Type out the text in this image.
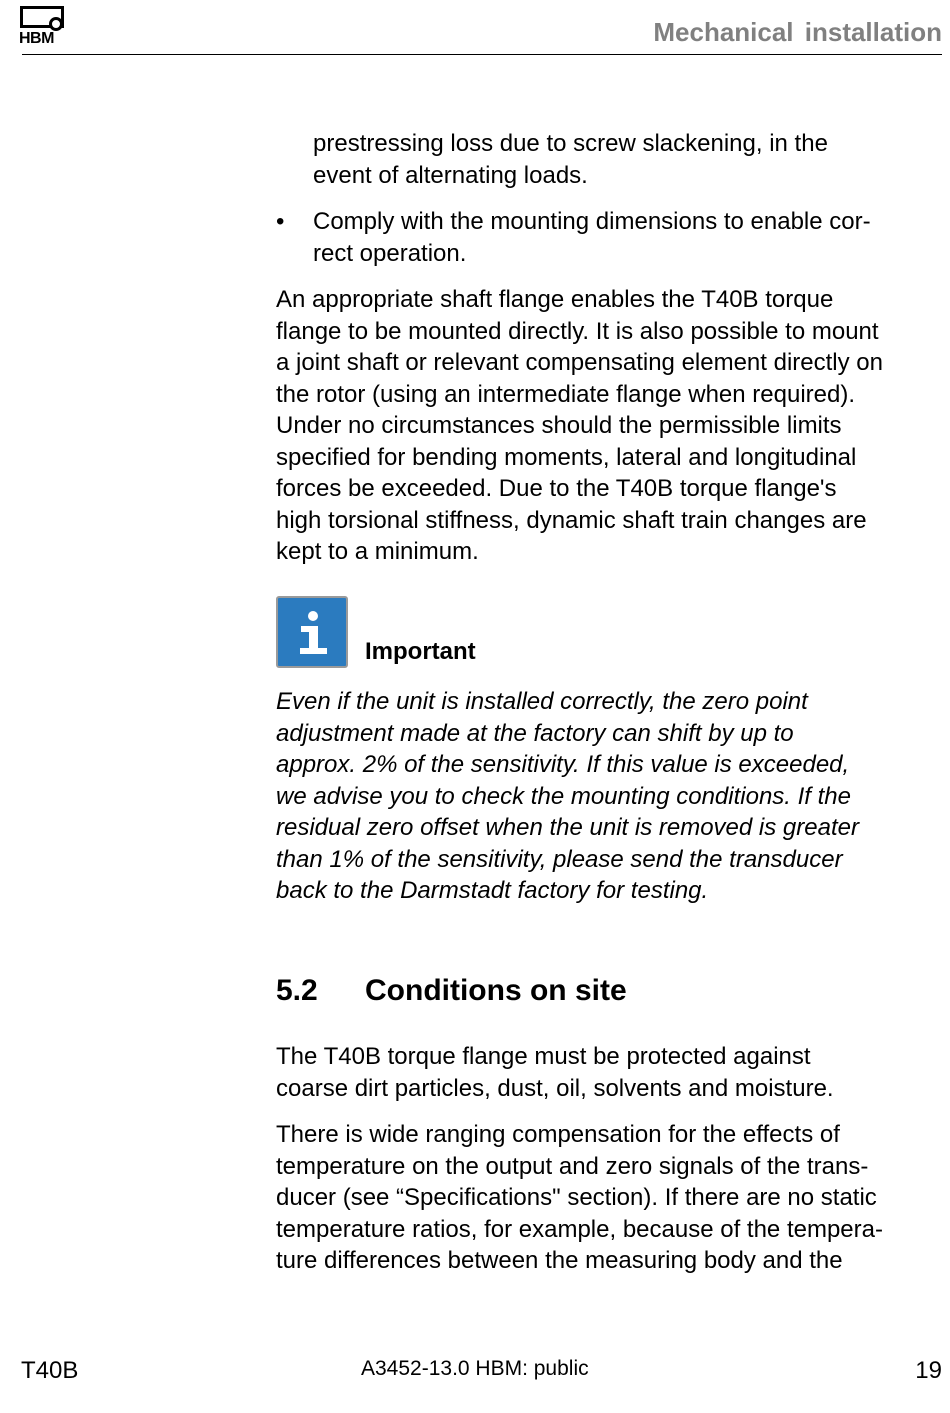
HBM	Mechanical installation
prestressing loss due to screw slackening, in the
event of alternating loads.
• Comply with the mounting dimensions to enable cor-
rect operation.
An appropriate shaft flange enables the T40B torque
flange to be mounted directly. It is also possible to mount
a joint shaft or relevant compensating element directly on
the rotor (using an intermediate flange when required).
Under no circumstances should the permissible limits
specified for bending moments, lateral and longitudinal
forces be exceeded. Due to the T40B torque flange's
high torsional stiffness, dynamic shaft train changes are
kept to a minimum.
Important
Even if the unit is installed correctly, the zero point
adjustment made at the factory can shift by up to
approx. 2% of the sensitivity. If this value is exceeded,
we advise you to check the mounting conditions. If the
residual zero offset when the unit is removed is greater
than 1% of the sensitivity, please send the transducer
back to the Darmstadt factory for testing.
5.2 Conditions on site
The T40B torque flange must be protected against
coarse dirt particles, dust, oil, solvents and moisture.
There is wide ranging compensation for the effects of
temperature on the output and zero signals of the trans-
ducer (see “Specifications" section). If there are no static
temperature ratios, for example, because of the tempera-
ture differences between the measuring body and the
T40B	A3452-13.0 HBM: public	19
